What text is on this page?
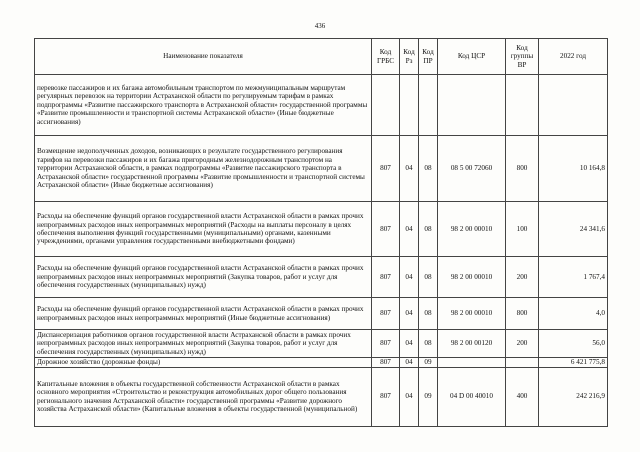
436
Наименование показателя	Код ГРБС	Код Рз	Код ПР	Код ЦСР	Код группы ВР	2022 год
перевозке пассажиров и их багажа автомобильным транспортом по межмуниципальным маршрутам регулярных перевозок на территории Астраханской области по регулируемым тарифам в рамках подпрограммы «Развитие пассажирского транспорта в Астраханской области» государственной программы «Развитие промышленности и транспортной системы Астраханской области» (Иные бюджетные ассигнования)						
Возмещение недополученных доходов, возникающих в результате государственного регулирования тарифов на перевозки пассажиров и их багажа пригородным железнодорожным транспортом на территории Астраханской области, в рамках подпрограммы «Развитие пассажирского транспорта в Астраханской области» государственной программы «Развитие промышленности и транспортной системы Астраханской области» (Иные бюджетные ассигнования)	807	04	08	08 5 00 72060	800	10 164,8
Расходы на обеспечение функций органов государственной власти Астраханской области в рамках прочих непрограммных расходов иных непрограммных мероприятий (Расходы на выплаты персоналу в целях обеспечения выполнения функций государственными (муниципальными) органами, казенными учреждениями, органами управления государственными внебюджетными фондами)	807	04	08	98 2 00 00010	100	24 341,6
Расходы на обеспечение функций органов государственной власти Астраханской области в рамках прочих непрограммных расходов иных непрограммных мероприятий (Закупка товаров, работ и услуг для обеспечения государственных (муниципальных) нужд)	807	04	08	98 2 00 00010	200	1 767,4
Расходы на обеспечение функций органов государственной власти Астраханской области в рамках прочих непрограммных расходов иных непрограммных мероприятий (Иные бюджетные ассигнования)	807	04	08	98 2 00 00010	800	4,0
Диспансеризация работников органов государственной власти Астраханской области в рамках прочих непрограммных расходов иных непрограммных мероприятий (Закупка товаров, работ и услуг для обеспечения государственных (муниципальных) нужд)	807	04	08	98 2 00 00120	200	56,0
Дорожное хозяйство (дорожные фонды)	807	04	09			6 421 775,8
Капитальные вложения в объекты государственной собственности Астраханской области в рамках основного мероприятия «Строительство и реконструкция автомобильных дорог общего пользования регионального значения Астраханской области» государственной программы «Развитие дорожного хозяйства Астраханской области» (Капитальные вложения в объекты государственной (муниципальной)	807	04	09	04 D 00 40010	400	242 216,9
